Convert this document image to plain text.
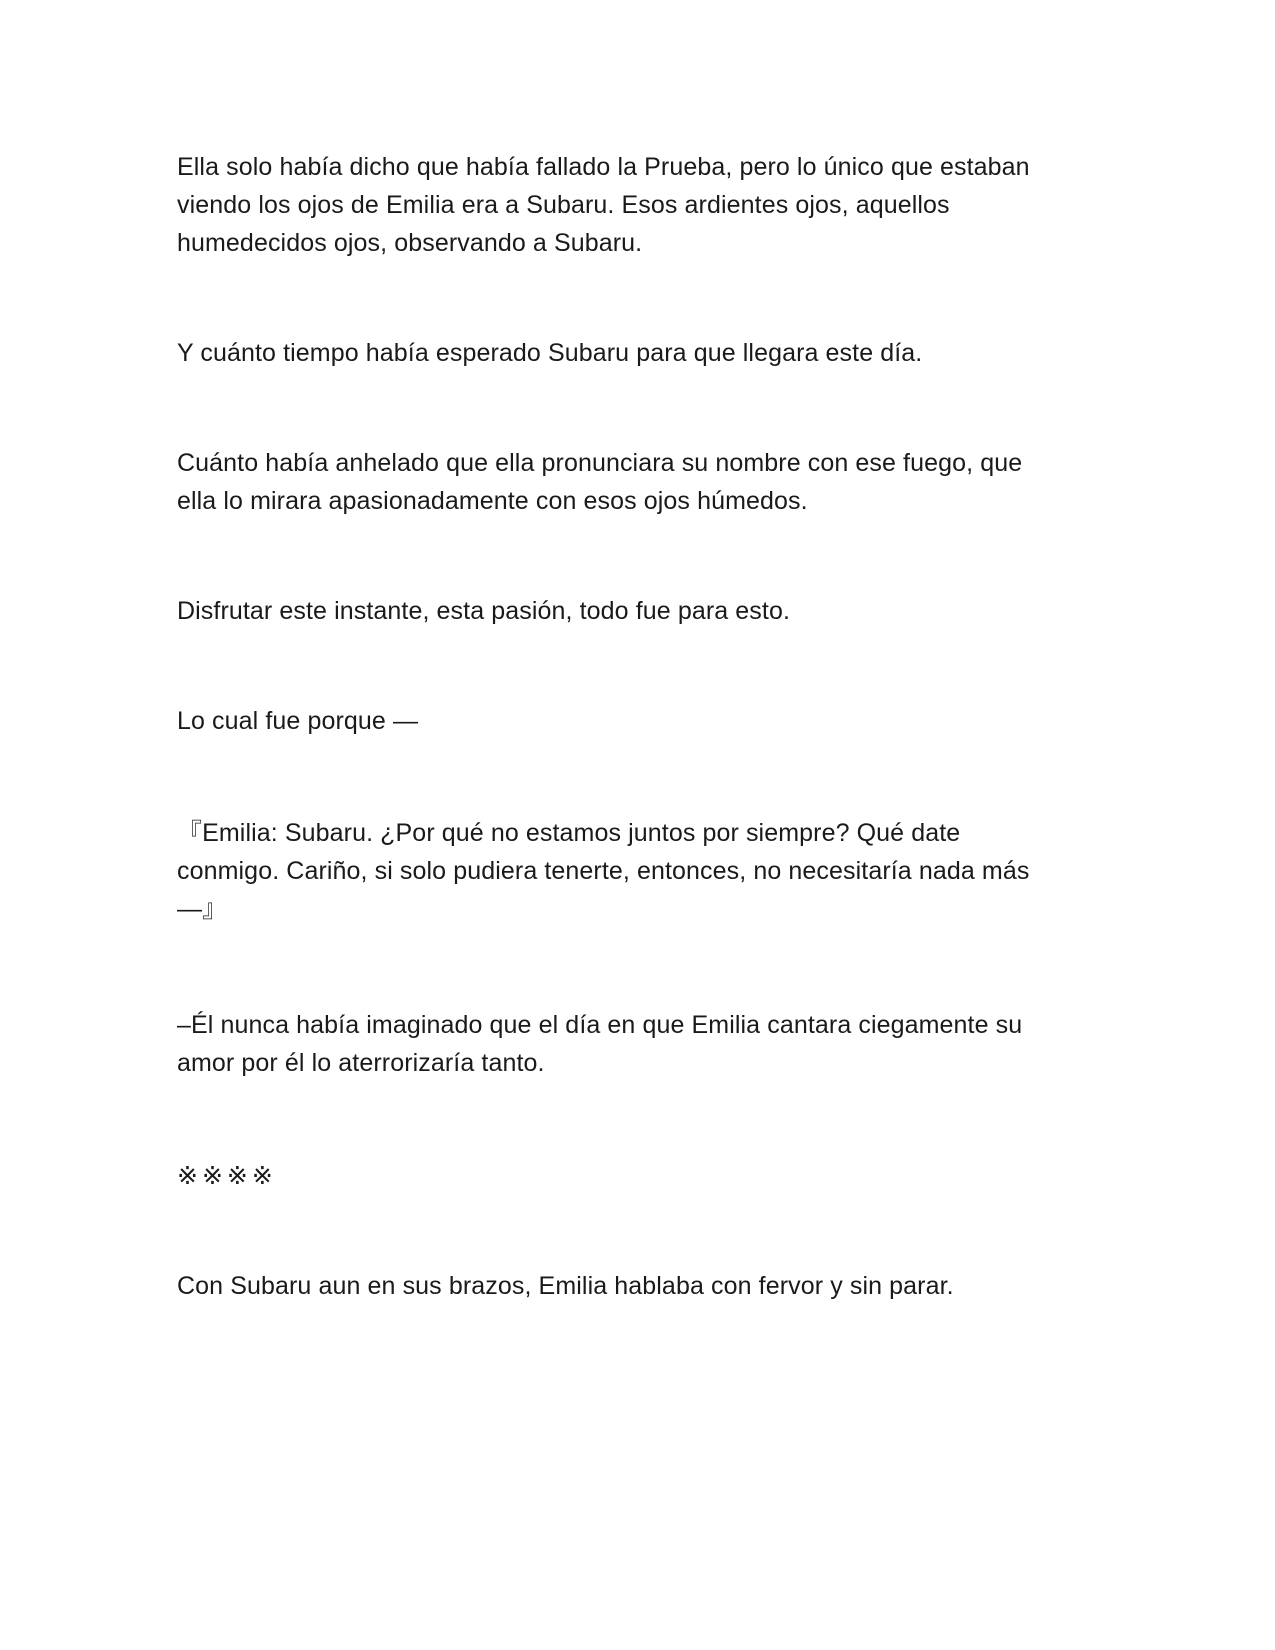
Ella solo había dicho que había fallado la Prueba, pero lo único que estaban
viendo los ojos de Emilia era a Subaru. Esos ardientes ojos, aquellos
humedecidos ojos, observando a Subaru.

Y cuánto tiempo había esperado Subaru para que llegara este día.

Cuánto había anhelado que ella pronunciara su nombre con ese fuego, que
ella lo mirara apasionadamente con esos ojos húmedos.

Disfrutar este instante, esta pasión, todo fue para esto.

Lo cual fue porque —

『Emilia: Subaru. ¿Por qué no estamos juntos por siempre? Qué date
conmigo. Cariño, si solo pudiera tenerte, entonces, no necesitaría nada más
—』

–Él nunca había imaginado que el día en que Emilia cantara ciegamente su
amor por él lo aterrorizaría tanto.

※※※※

Con Subaru aun en sus brazos, Emilia hablaba con fervor y sin parar.
